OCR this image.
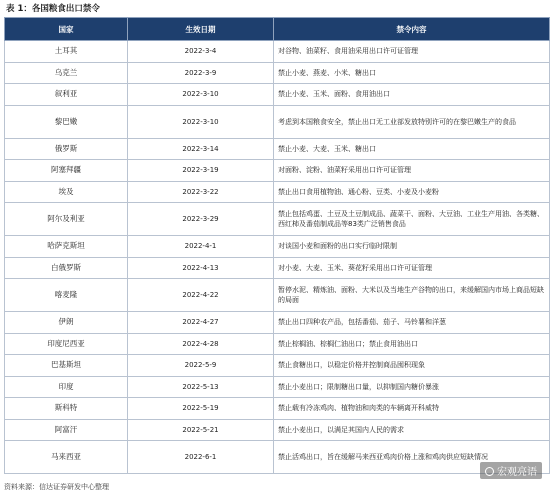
表 1：各国粮食出口禁令
国家	生效日期	禁令内容
土耳其	2022-3-4	对谷物、油菜籽、食用油采用出口许可证管理
乌克兰	2022-3-9	禁止小麦、燕麦、小米、糖出口
叙利亚	2022-3-10	禁止小麦、玉米、面粉、食用油出口
黎巴嫩	2022-3-10	考虑到本国粮食安全，禁止出口无工业部发放特别许可的在黎巴嫩生产的食品
俄罗斯	2022-3-14	禁止小麦、大麦、玉米、糖出口
阿塞拜疆	2022-3-19	对面粉、淀粉、油菜籽采用出口许可证管理
埃及	2022-3-22	禁止出口食用植物油、通心粉、豆类、小麦及小麦粉
阿尔及利亚	2022-3-29	禁止包括鸡蛋、土豆及土豆制成品、蔬菜干、面粉、大豆油、工业生产用油、各类糖、西红柿及番茄制成品等83类广泛销售食品
哈萨克斯坦	2022-4-1	对谈国小麦和面粉的出口实行临时限制
白俄罗斯	2022-4-13	对小麦、大麦、玉米、葵花籽采用出口许可证管理
喀麦隆	2022-4-22	暂停水泥、精炼油、面粉、大米以及当地生产谷物的出口，来缓解国内市场上商品短缺的局面
伊朗	2022-4-27	禁止出口四种农产品，包括番茄、茄子、马铃薯和洋葱
印度尼西亚	2022-4-28	禁止棕榈油、棕榈仁油出口；禁止食用油出口
巴基斯坦	2022-5-9	禁止食糖出口，以稳定价格并控制商品囤积现象
印度	2022-5-13	禁止小麦出口；限制糖出口量，以抑制国内糖价暴涨
斯科特	2022-5-19	禁止载有冷冻鸡肉、植物油和肉类的车辆离开科威特
阿富汗	2022-5-21	禁止小麦出口，以满足其国内人民的需求
马来西亚	2022-6-1	禁止活鸡出口，旨在缓解马来西亚鸡肉价格上涨和鸡肉供应短缺情况
资料来源：信达证券研发中心整理
宏观亮语
